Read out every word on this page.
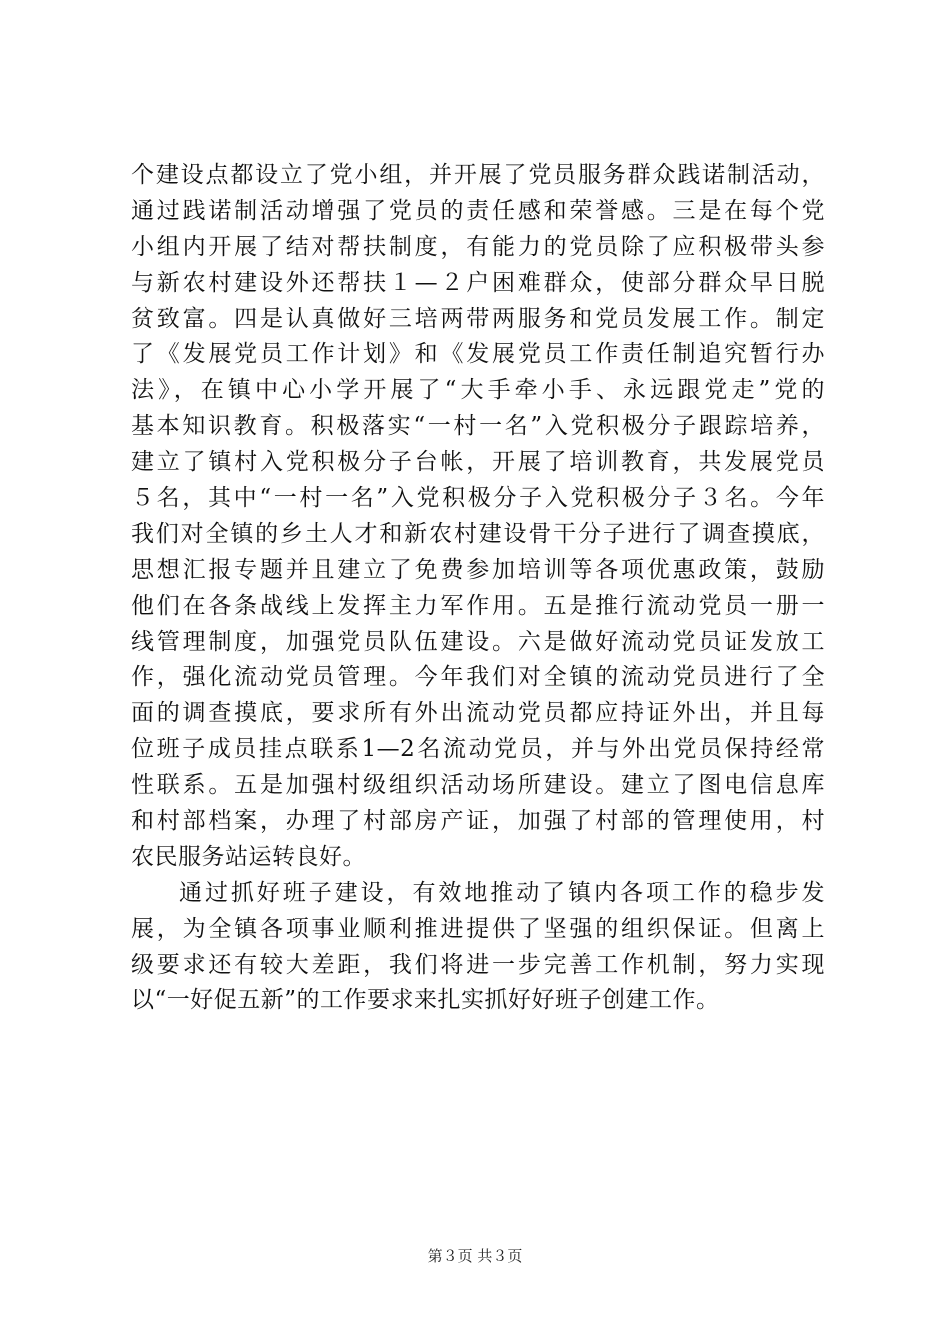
个建设点都设立了党小组，并开展了党员服务群众践诺制活动，
通过践诺制活动增强了党员的责任感和荣誉感。三是在每个党
小组内开展了结对帮扶制度，有能力的党员除了应积极带头参
与新农村建设外还帮扶１—２户困难群众，使部分群众早日脱
贫致富。四是认真做好三培两带两服务和党员发展工作。制定
了《发展党员工作计划》和《发展党员工作责任制追究暂行办
法》，在镇中心小学开展了“大手牵小手、永远跟党走”党的
基本知识教育。积极落实“一村一名”入党积极分子跟踪培养，
建立了镇村入党积极分子台帐，开展了培训教育，共发展党员
５名，其中“一村一名”入党积极分子入党积极分子３名。今年
我们对全镇的乡土人才和新农村建设骨干分子进行了调查摸底，
思想汇报专题并且建立了免费参加培训等各项优惠政策，鼓励
他们在各条战线上发挥主力军作用。五是推行流动党员一册一
线管理制度，加强党员队伍建设。六是做好流动党员证发放工
作，强化流动党员管理。今年我们对全镇的流动党员进行了全
面的调查摸底，要求所有外出流动党员都应持证外出，并且每
位班子成员挂点联系1—2名流动党员，并与外出党员保持经常
性联系。五是加强村级组织活动场所建设。建立了图电信息库
和村部档案，办理了村部房产证，加强了村部的管理使用，村
农民服务站运转良好。
通过抓好班子建设，有效地推动了镇内各项工作的稳步发
展，为全镇各项事业顺利推进提供了坚强的组织保证。但离上
级要求还有较大差距，我们将进一步完善工作机制，努力实现
以“一好促五新”的工作要求来扎实抓好好班子创建工作。
第３页 共３页
